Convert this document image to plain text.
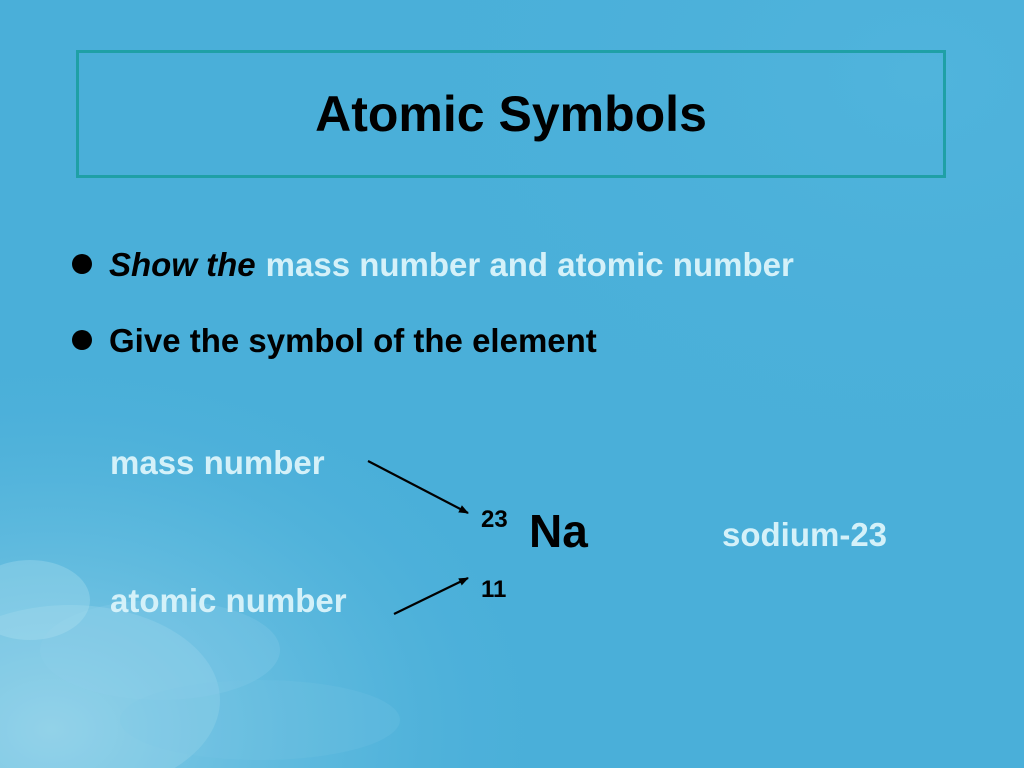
Atomic Symbols
Show the mass number and atomic number
Give the symbol of the element
mass number
atomic number
23
11
Na	sodium-23
